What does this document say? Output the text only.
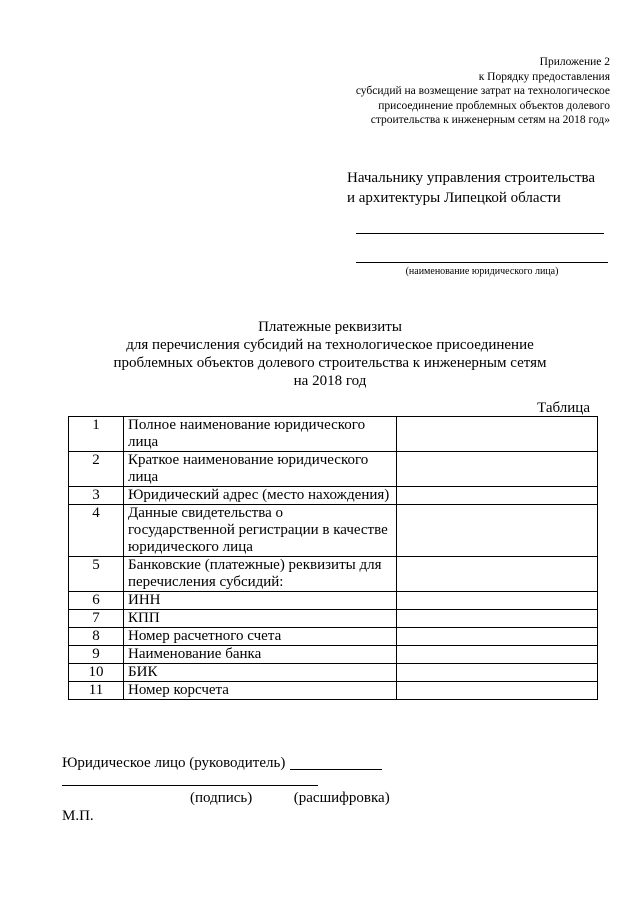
Приложение 2
к Порядку предоставления
субсидий на возмещение затрат на технологическое
присоединение проблемных объектов долевого
строительства к инженерным сетям на 2018 год»
Начальнику управления строительства
и архитектуры Липецкой области
(наименование юридического лица)
Платежные реквизиты
для перечисления субсидий на технологическое присоединение
проблемных объектов долевого строительства к инженерным сетям
на 2018 год
Таблица
1	Полное наименование юридического лица	
2	Краткое наименование юридического лица	
3	Юридический адрес (место нахождения)	
4	Данные свидетельства о государственной регистрации в качестве юридического лица	
5	Банковские (платежные) реквизиты для перечисления субсидий:	
6	ИНН	
7	КПП	
8	Номер расчетного счета	
9	Наименование банка	
10	БИК	
11	Номер корсчета	
Юридическое лицо (руководитель)
(подпись)	(расшифровка)
М.П.
